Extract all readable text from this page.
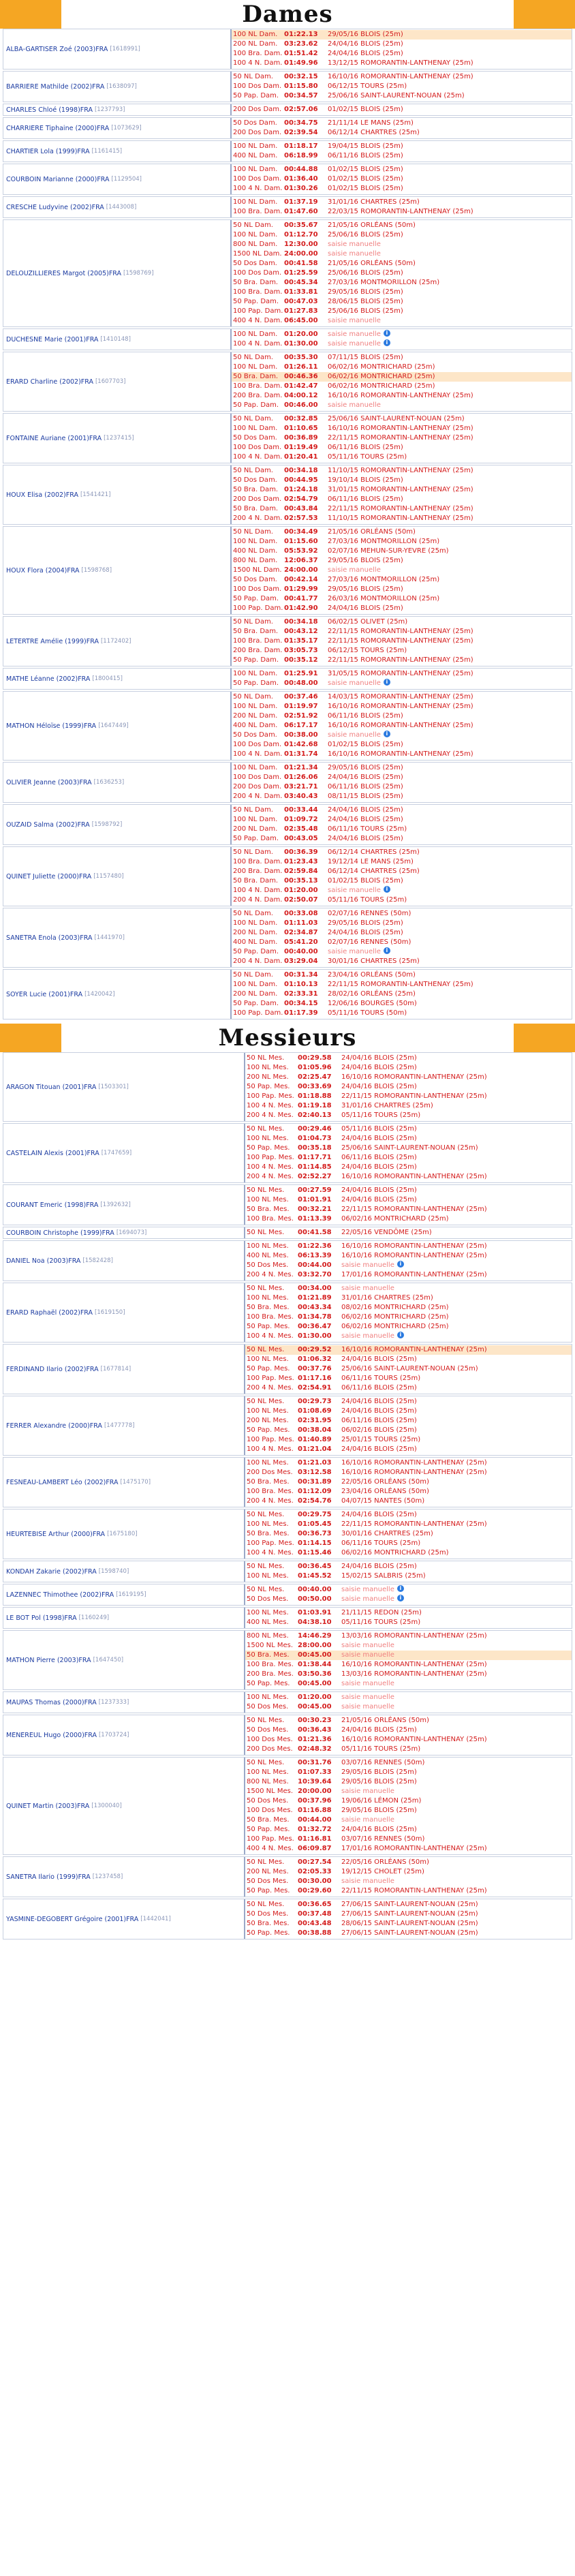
Dames
ALBA-GARTISER Zoé (2003) FRA [1618991]
100 NL Dam. 01:22.13	29/05/16 BLOIS (25m)
200 NL Dam. 03:23.62	24/04/16 BLOIS (25m)
100 Bra. Dam. 01:51.42	24/04/16 BLOIS (25m)
100 4 N. Dam. 01:49.96	13/12/15 ROMORANTIN-LANTHENAY (25m)
BARRIERE Mathilde (2002) FRA [1638097]
50 NL Dam.	00:32.15	16/10/16 ROMORANTIN-LANTHENAY (25m)
100 Dos Dam. 01:15.80	06/12/15 TOURS (25m)
50 Pap. Dam. 00:34.57	25/06/16 SAINT-LAURENT-NOUAN (25m)
CHARLES Chloé (1998) FRA [1237793]	200 Dos Dam. 02:57.06	01/02/15 BLOIS (25m)
CHARRIERE Tiphaine (2000) FRA [1073629]
50 Dos Dam.	00:34.75	21/11/14 LE MANS (25m)
200 Dos Dam. 02:39.54	06/12/14 CHARTRES (25m)
CHARTIER Lola (1999) FRA [1161415]
100 NL Dam. 01:18.17	19/04/15 BLOIS (25m)
400 NL Dam. 06:18.99	06/11/16 BLOIS (25m)
COURBOIN Marianne (2000) FRA [1129504]
100 NL Dam. 00:44.88	01/02/15 BLOIS (25m)
100 Dos Dam. 01:36.40	01/02/15 BLOIS (25m)
100 4 N. Dam. 01:30.26	01/02/15 BLOIS (25m)
CRESCHE Ludyvine (2002) FRA [1443008]
100 NL Dam. 01:37.19	31/01/16 CHARTRES (25m)
100 Bra. Dam. 01:47.60	22/03/15 ROMORANTIN-LANTHENAY (25m)
DELOUZILLIERES Margot (2005) FRA [1598769]
50 NL Dam.	00:35.67	21/05/16 ORLÉANS (50m)
100 NL Dam. 01:12.70	25/06/16 BLOIS (25m)
800 NL Dam. 12:30.00	saisie manuelle
1500 NL Dam. 24:00.00	saisie manuelle
50 Dos Dam.	00:41.58	21/05/16 ORLÉANS (50m)
100 Dos Dam. 01:25.59	25/06/16 BLOIS (25m)
50 Bra. Dam. 00:45.34	27/03/16 MONTMORILLON (25m)
100 Bra. Dam. 01:33.81	29/05/16 BLOIS (25m)
50 Pap. Dam. 00:47.03	28/06/15 BLOIS (25m)
100 Pap. Dam. 01:27.83	25/06/16 BLOIS (25m)
400 4 N. Dam. 06:45.00	saisie manuelle
DUCHESNE Marie (2001) FRA [1410148]
100 NL Dam. 01:20.00	saisie manuelle i
100 4 N. Dam. 01:30.00	saisie manuelle i
ERARD Charline (2002) FRA [1607703]
50 NL Dam.	00:35.30	07/11/15 BLOIS (25m)
100 NL Dam. 01:26.11	06/02/16 MONTRICHARD (25m)
50 Bra. Dam. 00:46.36	06/02/16 MONTRICHARD (25m)
100 Bra. Dam. 01:42.47	06/02/16 MONTRICHARD (25m)
200 Bra. Dam. 04:00.12	16/10/16 ROMORANTIN-LANTHENAY (25m)
50 Pap. Dam. 00:46.00	saisie manuelle
FONTAINE Auriane (2001) FRA [1237415]
50 NL Dam.	00:32.85	25/06/16 SAINT-LAURENT-NOUAN (25m)
100 NL Dam. 01:10.65	16/10/16 ROMORANTIN-LANTHENAY (25m)
50 Dos Dam.	00:36.89	22/11/15 ROMORANTIN-LANTHENAY (25m)
100 Dos Dam. 01:19.49	06/11/16 BLOIS (25m)
100 4 N. Dam. 01:20.41	05/11/16 TOURS (25m)
HOUX Elisa (2002) FRA [1541421]
50 NL Dam.	00:34.18	11/10/15 ROMORANTIN-LANTHENAY (25m)
50 Dos Dam.	00:44.95	19/10/14 BLOIS (25m)
50 Bra. Dam. 01:24.18	31/01/15 ROMORANTIN-LANTHENAY (25m)
200 Dos Dam. 02:54.79	06/11/16 BLOIS (25m)
50 Bra. Dam. 00:43.84	22/11/15 ROMORANTIN-LANTHENAY (25m)
200 4 N. Dam. 02:57.53	11/10/15 ROMORANTIN-LANTHENAY (25m)
HOUX Flora (2004) FRA [1598768]
50 NL Dam.	00:34.49	21/05/16 ORLÉANS (50m)
100 NL Dam. 01:15.60	27/03/16 MONTMORILLON (25m)
400 NL Dam. 05:53.92	02/07/16 MEHUN-SUR-YEVRE (25m)
800 NL Dam. 12:06.37	29/05/16 BLOIS (25m)
1500 NL Dam. 24:00.00	saisie manuelle
50 Dos Dam.	00:42.14	27/03/16 MONTMORILLON (25m)
100 Dos Dam. 01:29.99	29/05/16 BLOIS (25m)
50 Pap. Dam. 00:41.77	26/03/16 MONTMORILLON (25m)
100 Pap. Dam. 01:42.90	24/04/16 BLOIS (25m)
LETERTRE Amélie (1999) FRA [1172402]
50 NL Dam.	00:34.18	06/02/15 OLIVET (25m)
50 Bra. Dam. 00:43.12	22/11/15 ROMORANTIN-LANTHENAY (25m)
100 Bra. Dam. 01:35.17	22/11/15 ROMORANTIN-LANTHENAY (25m)
200 Bra. Dam. 03:05.73	06/12/15 TOURS (25m)
50 Pap. Dam. 00:35.12	22/11/15 ROMORANTIN-LANTHENAY (25m)
MATHE Léanne (2002) FRA [1800415]
100 NL Dam. 01:25.91	31/05/15 ROMORANTIN-LANTHENAY (25m)
50 Pap. Dam. 00:48.00	saisie manuelle i
MATHON Héloïse (1999) FRA [1647449]
50 NL Dam.	00:37.46	14/03/15 ROMORANTIN-LANTHENAY (25m)
100 NL Dam. 01:19.97	16/10/16 ROMORANTIN-LANTHENAY (25m)
200 NL Dam. 02:51.92	06/11/16 BLOIS (25m)
400 NL Dam. 06:17.17	16/10/16 ROMORANTIN-LANTHENAY (25m)
50 Dos Dam.	00:38.00	saisie manuelle i
100 Dos Dam. 01:42.68	01/02/15 BLOIS (25m)
100 4 N. Dam. 01:31.74	16/10/16 ROMORANTIN-LANTHENAY (25m)
OLIVIER Jeanne (2003) FRA [1636253]
100 NL Dam. 01:21.34	29/05/16 BLOIS (25m)
100 Dos Dam. 01:26.06	24/04/16 BLOIS (25m)
200 Dos Dam. 03:21.71	06/11/16 BLOIS (25m)
200 4 N. Dam. 03:40.43	08/11/15 BLOIS (25m)
OUZAID Salma (2002) FRA [1598792]
50 NL Dam.	00:33.44	24/04/16 BLOIS (25m)
100 NL Dam. 01:09.72	24/04/16 BLOIS (25m)
200 NL Dam. 02:35.48	06/11/16 TOURS (25m)
50 Pap. Dam. 00:43.05	24/04/16 BLOIS (25m)
QUINET Juliette (2000) FRA [1157480]
50 NL Dam.	00:36.39	06/12/14 CHARTRES (25m)
100 Bra. Dam. 01:23.43	19/12/14 LE MANS (25m)
200 Bra. Dam. 02:59.84	06/12/14 CHARTRES (25m)
50 Bra. Dam. 00:35.13	01/02/15 BLOIS (25m)
100 4 N. Dam. 01:20.00	saisie manuelle i
200 4 N. Dam. 02:50.07	05/11/16 TOURS (25m)
SANETRA Enola (2003) FRA [1441970]
50 NL Dam.	00:33.08	02/07/16 RENNES (50m)
100 NL Dam. 01:11.03	29/05/16 BLOIS (25m)
200 NL Dam. 02:34.87	24/04/16 BLOIS (25m)
400 NL Dam. 05:41.20	02/07/16 RENNES (50m)
50 Pap. Dam. 00:40.00	saisie manuelle i
200 4 N. Dam. 03:29.04	30/01/16 CHARTRES (25m)
SOYER Lucie (2001) FRA [1420042]
50 NL Dam.	00:31.34	23/04/16 ORLÉANS (50m)
100 NL Dam. 01:10.13	22/11/15 ROMORANTIN-LANTHENAY (25m)
200 NL Dam. 02:33.31	28/02/16 ORLÉANS (25m)
50 Pap. Dam. 00:34.15	12/06/16 BOURGES (50m)
100 Pap. Dam. 01:17.39	05/11/16 TOURS (50m)
Messieurs
ARAGON Titouan (2001) FRA [1503301]
50 NL Mes.	00:29.58	24/04/16 BLOIS (25m)
100 NL Mes.	01:05.96	24/04/16 BLOIS (25m)
200 NL Mes.	02:25.47	16/10/16 ROMORANTIN-LANTHENAY (25m)
50 Pap. Mes.	00:33.69	24/04/16 BLOIS (25m)
100 Pap. Mes. 01:18.88	22/11/15 ROMORANTIN-LANTHENAY (25m)
100 4 N. Mes. 01:19.18	31/01/16 CHARTRES (25m)
200 4 N. Mes. 02:40.13	05/11/16 TOURS (25m)
CASTELAIN Alexis (2001) FRA [1747659]
50 NL Mes.	00:29.46	05/11/16 BLOIS (25m)
100 NL Mes.	01:04.73	24/04/16 BLOIS (25m)
50 Pap. Mes.	00:35.18	25/06/16 SAINT-LAURENT-NOUAN (25m)
100 Pap. Mes. 01:17.71	06/11/16 BLOIS (25m)
100 4 N. Mes. 01:14.85	24/04/16 BLOIS (25m)
200 4 N. Mes. 02:52.27	16/10/16 ROMORANTIN-LANTHENAY (25m)
COURANT Emeric (1998) FRA [1392632]
50 NL Mes.	00:27.59	24/04/16 BLOIS (25m)
100 NL Mes.	01:01.91	24/04/16 BLOIS (25m)
50 Bra. Mes.	00:32.21	22/11/15 ROMORANTIN-LANTHENAY (25m)
100 Bra. Mes. 01:13.39	06/02/16 MONTRICHARD (25m)
COURBOIN Christophe (1999) FRA [1694073]	50 NL Mes.	00:41.58	22/05/16 VENDÔME (25m)
DANIEL Noa (2003) FRA [1582428]
100 NL Mes.	01:22.36	16/10/16 ROMORANTIN-LANTHENAY (25m)
400 NL Mes.	06:13.39	16/10/16 ROMORANTIN-LANTHENAY (25m)
50 Dos Mes.	00:44.00	saisie manuelle i
200 4 N. Mes. 03:32.70	17/01/16 ROMORANTIN-LANTHENAY (25m)
ERARD Raphaël (2002) FRA [1619150]
50 NL Mes.	00:34.00	saisie manuelle
100 NL Mes.	01:21.89	31/01/16 CHARTRES (25m)
50 Bra. Mes.	00:43.34	08/02/16 MONTRICHARD (25m)
100 Bra. Mes. 01:34.78	06/02/16 MONTRICHARD (25m)
50 Pap. Mes.	00:36.47	06/02/16 MONTRICHARD (25m)
100 4 N. Mes. 01:30.00	saisie manuelle i
FERDINAND Ilario (2002) FRA [1677814]
50 NL Mes.	00:29.52	16/10/16 ROMORANTIN-LANTHENAY (25m)
100 NL Mes.	01:06.32	24/04/16 BLOIS (25m)
50 Pap. Mes.	00:37.76	25/06/16 SAINT-LAURENT-NOUAN (25m)
100 Pap. Mes. 01:17.16	06/11/16 TOURS (25m)
200 4 N. Mes. 02:54.91	06/11/16 BLOIS (25m)
FERRER Alexandre (2000) FRA [1477778]
50 NL Mes.	00:29.73	24/04/16 BLOIS (25m)
100 NL Mes.	01:08.69	24/04/16 BLOIS (25m)
200 NL Mes.	02:31.95	06/11/16 BLOIS (25m)
50 Pap. Mes.	00:38.04	06/02/16 BLOIS (25m)
100 Pap. Mes. 01:40.89	25/01/15 TOURS (25m)
100 4 N. Mes. 01:21.04	24/04/16 BLOIS (25m)
FESNEAU-LAMBERT Léo (2002) FRA [1475170]
100 NL Mes.	01:21.03	16/10/16 ROMORANTIN-LANTHENAY (25m)
200 Dos Mes. 03:12.58	16/10/16 ROMORANTIN-LANTHENAY (25m)
50 Bra. Mes.	00:31.89	22/05/16 ORLÉANS (50m)
100 Bra. Mes. 01:12.09	23/04/16 ORLÉANS (50m)
200 4 N. Mes. 02:54.76	04/07/15 NANTES (50m)
HEURTEBISE Arthur (2000) FRA [1675180]
50 NL Mes.	00:29.75	24/04/16 BLOIS (25m)
100 NL Mes.	01:05.45	22/11/15 ROMORANTIN-LANTHENAY (25m)
50 Bra. Mes.	00:36.73	30/01/16 CHARTRES (25m)
100 Pap. Mes. 01:14.15	06/11/16 TOURS (25m)
100 4 N. Mes. 01:15.46	06/02/16 MONTRICHARD (25m)
KONDAH Zakarie (2002) FRA [1598740]
50 NL Mes.	00:36.45	24/04/16 BLOIS (25m)
100 NL Mes.	01:45.52	15/02/15 SALBRIS (25m)
LAZENNEC Thimothee (2002) FRA [1619195]
50 NL Mes.	00:40.00	saisie manuelle i
50 Dos Mes.	00:50.00	saisie manuelle i
LE BOT Pol (1998) FRA [1160249]
100 NL Mes.	01:03.91	21/11/15 REDON (25m)
400 NL Mes.	04:38.10	05/11/16 TOURS (25m)
MATHON Pierre (2003) FRA [1647450]
800 NL Mes.	14:46.29	13/03/16 ROMORANTIN-LANTHENAY (25m)
1500 NL Mes. 28:00.00	saisie manuelle
50 Bra. Mes.	00:45.00	saisie manuelle
100 Bra. Mes. 01:38.44	16/10/16 ROMORANTIN-LANTHENAY (25m)
200 Bra. Mes. 03:50.36	13/03/16 ROMORANTIN-LANTHENAY (25m)
50 Pap. Mes.	00:45.00	saisie manuelle
MAUPAS Thomas (2000) FRA [1237333]
100 NL Mes.	01:20.00	saisie manuelle
50 Dos Mes.	00:45.00	saisie manuelle
MENEREUL Hugo (2000) FRA [1703724]
50 NL Mes.	00:30.23	21/05/16 ORLÉANS (50m)
50 Dos Mes.	00:36.43	24/04/16 BLOIS (25m)
100 Dos Mes. 01:21.36	16/10/16 ROMORANTIN-LANTHENAY (25m)
200 Dos Mes. 02:48.32	05/11/16 TOURS (25m)
QUINET Martin (2003) FRA [1300040]
50 NL Mes.	00:31.76	03/07/16 RENNES (50m)
100 NL Mes.	01:07.33	29/05/16 BLOIS (25m)
800 NL Mes.	10:39.64	29/05/16 BLOIS (25m)
1500 NL Mes. 20:00.00	saisie manuelle
50 Dos Mes.	00:37.96	19/06/16 LÉMON (25m)
100 Dos Mes. 01:16.88	29/05/16 BLOIS (25m)
50 Bra. Mes.	00:44.00	saisie manuelle
50 Pap. Mes.	01:32.72	24/04/16 BLOIS (25m)
100 Pap. Mes. 01:16.81	03/07/16 RENNES (50m)
400 4 N. Mes. 06:09.87	17/01/16 ROMORANTIN-LANTHENAY (25m)
SANETRA Ilario (1999) FRA [1237458]
50 NL Mes.	00:27.54	22/05/16 ORLÉANS (50m)
200 NL Mes.	02:05.33	19/12/15 CHOLET (25m)
50 Dos Mes.	00:30.00	saisie manuelle
50 Pap. Mes.	00:29.60	22/11/15 ROMORANTIN-LANTHENAY (25m)
YASMINE-DEGOBERT Grégoire (2001) FRA [1442041]
50 NL Mes.	00:36.65	27/06/15 SAINT-LAURENT-NOUAN (25m)
50 Dos Mes.	00:37.48	27/06/15 SAINT-LAURENT-NOUAN (25m)
50 Bra. Mes.	00:43.48	28/06/15 SAINT-LAURENT-NOUAN (25m)
50 Pap. Mes.	00:38.88	27/06/15 SAINT-LAURENT-NOUAN (25m)
